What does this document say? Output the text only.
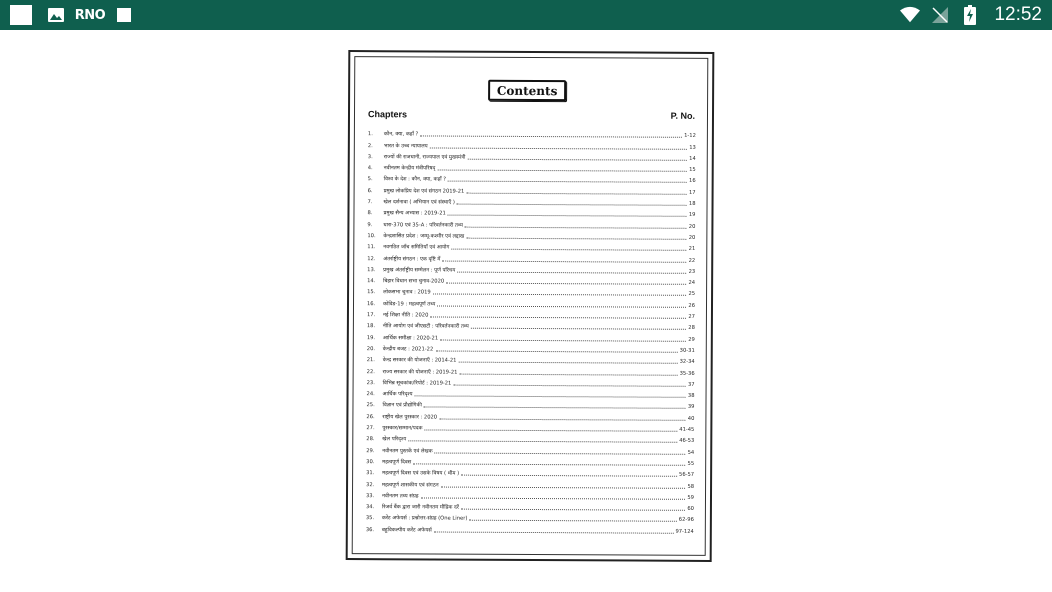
RNO	12:52
Contents
Chapters	P. No.
1.	कौन, क्या, कहाँ ?	1-12
2.	भारत के उच्च न्यायालय	13
3.	राज्यों की राजधानी, राज्यपाल एवं मुख्यमंत्री	14
4.	नवीनतम केन्द्रीय मंत्रीपरिषद्	15
5.	विश्व के देश : कौन, क्या, कहाँ ?	16
6.	प्रमुख लोकप्रिय देश एवं संगठन 2019-21	17
7.	खेल दर्शनावा ( अभियान एवं संस्थाएँ )	18
8.	प्रमुख सैन्य अभ्यास : 2019-21	19
9.	धारा-370 एवं 35-A : परिवर्तनकारी तथ्य	20
10.	केन्द्रशासित प्रदेश : जम्मू-कश्मीर एवं लद्दाख	20
11.	नवगठित जाँच समितियाँ एवं आयोग	21
12.	अंतर्राष्ट्रीय संगठन : एक दृष्टि में	22
13.	प्रमुख अंतर्राष्ट्रीय सम्मेलन : पूर्ण परिचय	23
14.	बिहार विधान सभा चुनाव-2020	24
15.	लोकसभा चुनाव : 2019	25
16.	कोविड-19 : महत्वपूर्ण तथ्य	26
17.	नई शिक्षा नीति : 2020	27
18.	नीति आयोग एवं जीएसटी : परिवर्तनकारी तथ्य	28
19.	आर्थिक समीक्षा : 2020-21	29
20.	केन्द्रीय बजट : 2021-22	30-31
21.	केन्द्र सरकार की योजनाएँ : 2014-21	32-34
22.	राज्य सरकार की योजनाएँ : 2019-21	35-36
23.	विभिन्न सूचकांक/रिपोर्ट : 2019-21	37
24.	आर्थिक परिदृश्य	38
25.	विज्ञान एवं प्रौद्योगिकी	39
26.	राष्ट्रीय खेल पुरस्कार : 2020	40
27.	पुरस्कार/सम्मान/पदक	41-45
28.	खेल परिदृश्य	46-53
29.	नवीनतम पुस्तकें एवं लेखक	54
30.	महत्वपूर्ण दिवस	55
31.	महत्वपूर्ण दिवस एवं उसके विषय ( थीम )	56-57
32.	महत्वपूर्ण शासकीय एवं संगठन	58
33.	नवीनतम तथ्य संग्रह	59
34.	रिजर्व बैंक द्वारा जारी नवीनतम मौद्रिक दरें	60
35.	करेंट अफेयर्स : प्रश्नोत्तर-संग्रह (One Liner)	62-96
36.	बहुविकल्पीय करेंट अफेयर्स	97-124
